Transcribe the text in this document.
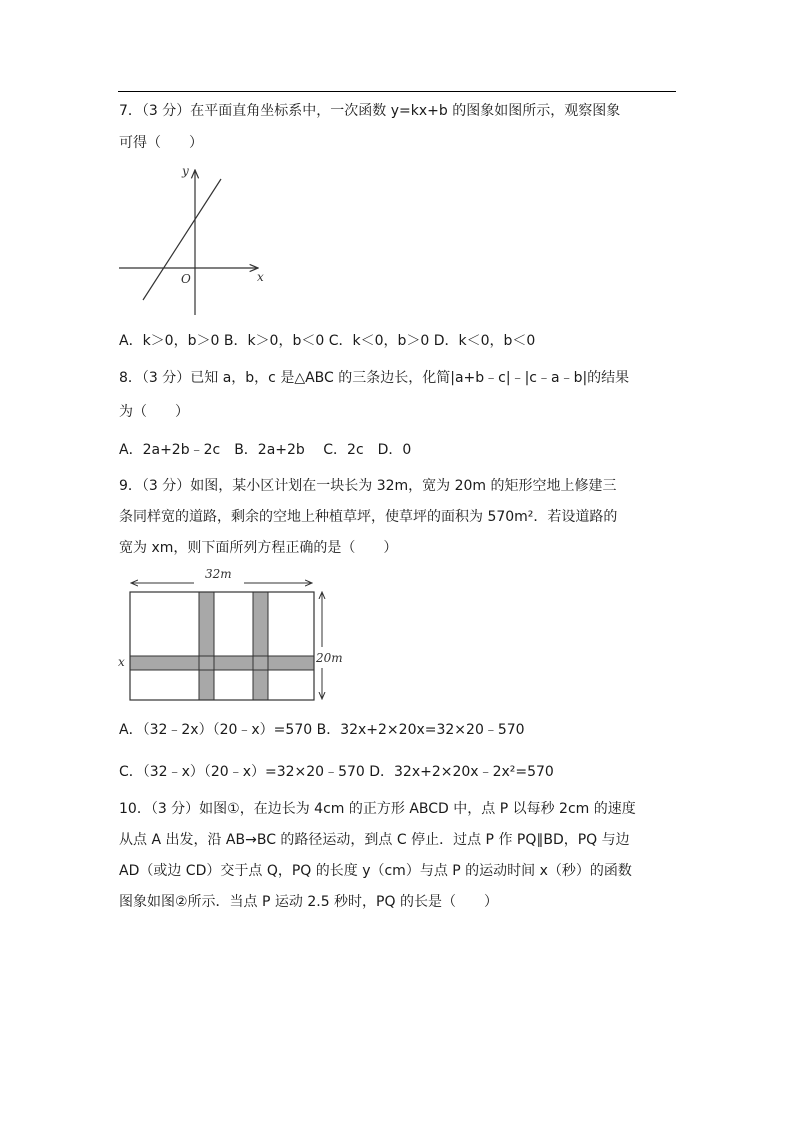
7．（3 分）在平面直角坐标系中，一次函数 y=kx+b 的图象如图所示，观察图象
可得（　　）
y
x
O
A．k＞0，b＞0 B．k＞0，b＜0 C．k＜0，b＞0 D．k＜0，b＜0
8．（3 分）已知 a，b，c 是△ABC 的三条边长，化简|a+b﹣c|﹣|c﹣a﹣b|的结果
为（　　）
A．2a+2b﹣2c　B．2a+2b　 C．2c　D．0
9．（3 分）如图，某小区计划在一块长为 32m，宽为 20m 的矩形空地上修建三
条同样宽的道路，剩余的空地上种植草坪，使草坪的面积为 570m²．若设道路的
宽为 xm，则下面所列方程正确的是（　　）
32m
20m
x
A．（32﹣2x）（20﹣x）=570 B．32x+2×20x=32×20﹣570
C．（32﹣x）（20﹣x）=32×20﹣570 D．32x+2×20x﹣2x²=570
10．（3 分）如图①，在边长为 4cm 的正方形 ABCD 中，点 P 以每秒 2cm 的速度
从点 A 出发，沿 AB→BC 的路径运动，到点 C 停止．过点 P 作 PQ∥BD，PQ 与边
AD（或边 CD）交于点 Q，PQ 的长度 y（cm）与点 P 的运动时间 x（秒）的函数
图象如图②所示．当点 P 运动 2.5 秒时，PQ 的长是（　　）
